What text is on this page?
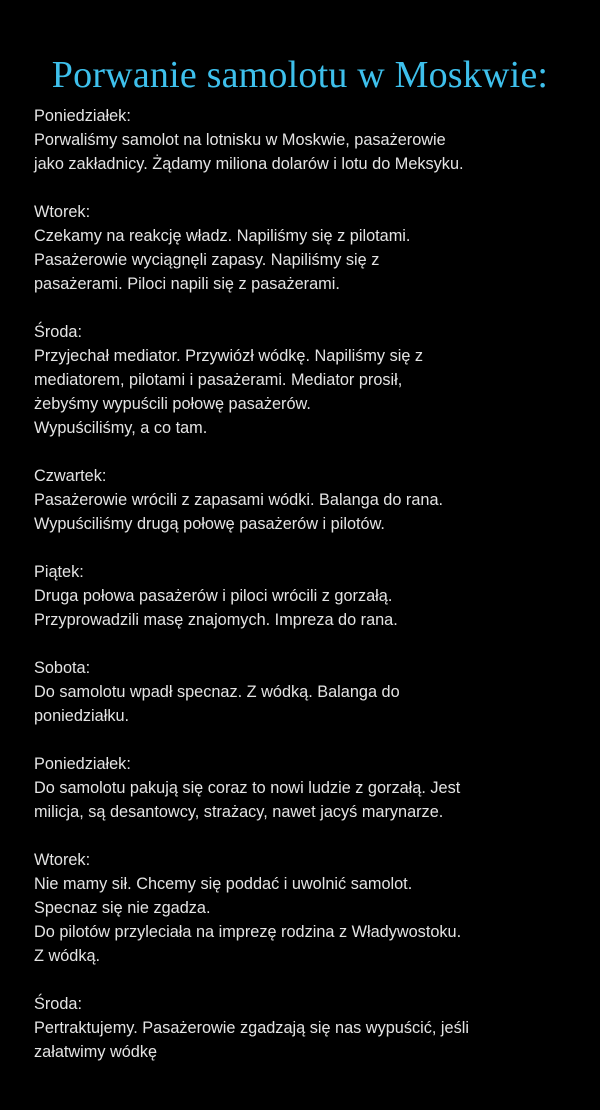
Porwanie samolotu w Moskwie:
Poniedziałek:
Porwaliśmy samolot na lotnisku w Moskwie, pasażerowie
jako zakładnicy. Żądamy miliona dolarów i lotu do Meksyku.
Wtorek:
Czekamy na reakcję władz. Napiliśmy się z pilotami.
Pasażerowie wyciągnęli zapasy. Napiliśmy się z
pasażerami. Piloci napili się z pasażerami.
Środa:
Przyjechał mediator. Przywiózł wódkę. Napiliśmy się z
mediatorem, pilotami i pasażerami. Mediator prosił,
żebyśmy wypuścili połowę pasażerów.
Wypuściliśmy, a co tam.
Czwartek:
Pasażerowie wrócili z zapasami wódki. Balanga do rana.
Wypuściliśmy drugą połowę pasażerów i pilotów.
Piątek:
Druga połowa pasażerów i piloci wrócili z gorzałą.
Przyprowadzili masę znajomych. Impreza do rana.
Sobota:
Do samolotu wpadł specnaz. Z wódką. Balanga do
poniedziałku.
Poniedziałek:
Do samolotu pakują się coraz to nowi ludzie z gorzałą. Jest
milicja, są desantowcy, strażacy, nawet jacyś marynarze.
Wtorek:
Nie mamy sił. Chcemy się poddać i uwolnić samolot.
Specnaz się nie zgadza.
Do pilotów przyleciała na imprezę rodzina z Władywostoku.
Z wódką.
Środa:
Pertraktujemy. Pasażerowie zgadzają się nas wypuścić, jeśli
załatwimy wódkę
